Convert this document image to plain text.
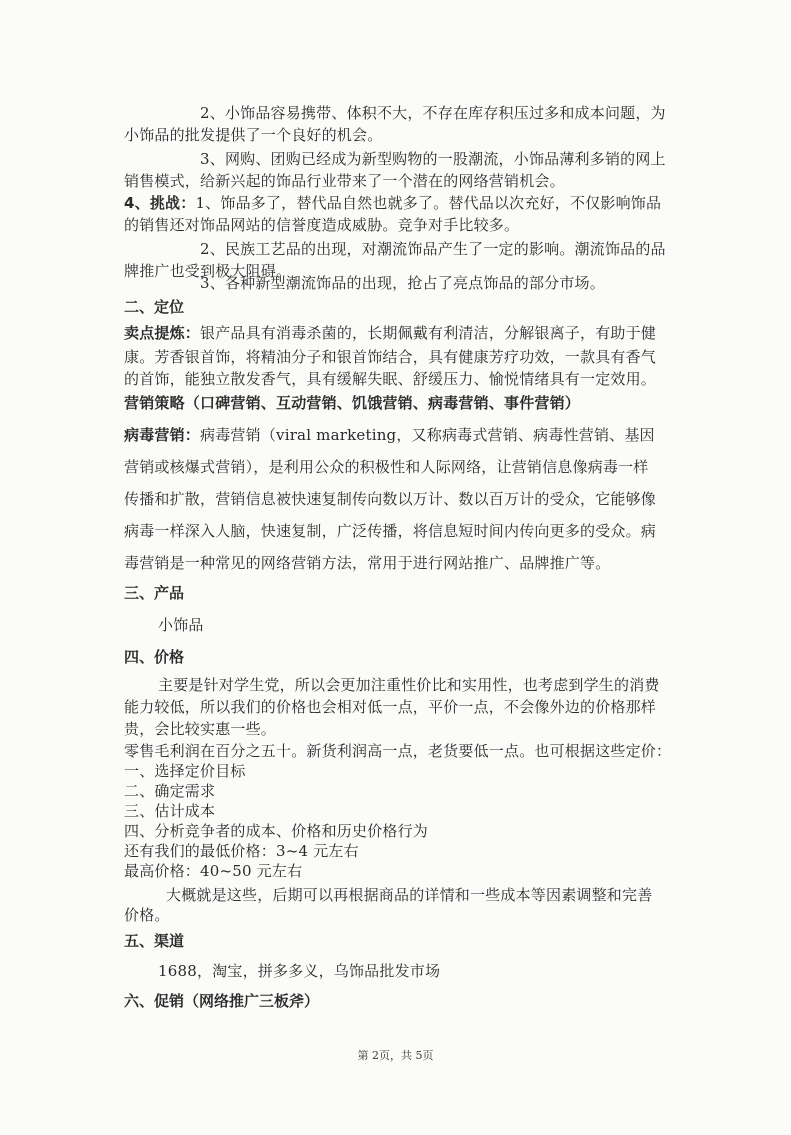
2、小饰品容易携带、体积不大，不存在库存积压过多和成本问题，为

小饰品的批发提供了一个良好的机会。

3、网购、团购已经成为新型购物的一股潮流，小饰品薄利多销的网上

销售模式，给新兴起的饰品行业带来了一个潜在的网络营销机会。

4、挑战：1、饰品多了，替代品自然也就多了。替代品以次充好，不仅影响饰品

的销售还对饰品网站的信誉度造成威胁。竞争对手比较多。

2、民族工艺品的出现，对潮流饰品产生了一定的影响。潮流饰品的品

牌推广也受到极大阻碍。

3、各种新型潮流饰品的出现，抢占了亮点饰品的部分市场。

二、定位

卖点提炼：银产品具有消毒杀菌的，长期佩戴有利清洁，分解银离子，有助于健

康。芳香银首饰，将精油分子和银首饰结合，具有健康芳疗功效，一款具有香气

的首饰，能独立散发香气，具有缓解失眠、舒缓压力、愉悦情绪具有一定效用。

营销策略（口碑营销、互动营销、饥饿营销、病毒营销、事件营销）

病毒营销：病毒营销（viral marketing，又称病毒式营销、病毒性营销、基因

营销或核爆式营销），是利用公众的积极性和人际网络，让营销信息像病毒一样

传播和扩散，营销信息被快速复制传向数以万计、数以百万计的受众，它能够像

病毒一样深入人脑，快速复制，广泛传播，将信息短时间内传向更多的受众。病

毒营销是一种常见的网络营销方法，常用于进行网站推广、品牌推广等。

三、产品

小饰品

四、价格

主要是针对学生党，所以会更加注重性价比和实用性，也考虑到学生的消费

能力较低，所以我们的价格也会相对低一点，平价一点，不会像外边的价格那样

贵，会比较实惠一些。

零售毛利润在百分之五十。新货利润高一点，老货要低一点。也可根据这些定价：

一、选择定价目标

二、确定需求

三、估计成本

四、分析竞争者的成本、价格和历史价格行为

还有我们的最低价格：3~4 元左右

最高价格：40~50 元左右

大概就是这些，后期可以再根据商品的详情和一些成本等因素调整和完善

价格。

五、渠道

1688，淘宝，拼多多义，乌饰品批发市场

六、促销（网络推广三板斧）
第 2页，共 5页
